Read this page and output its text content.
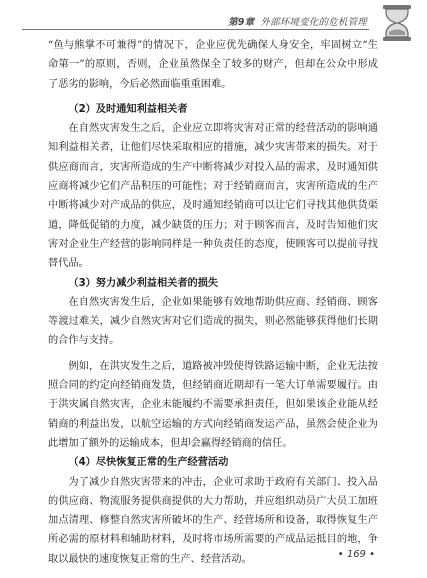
第9章 外部环境变化的危机管理

“鱼与熊掌不可兼得”的情况下，企业应优先确保人身安全，牢固树立“生命第一”的原则，否则，企业虽然保全了较多的财产，但却在公众中形成了恶劣的影响，今后必然面临重重困难。

（2）及时通知利益相关者

在自然灾害发生之后，企业应立即将灾害对正常的经营活动的影响通知利益相关者，让他们尽快采取相应的措施，减少灾害带来的损失。对于供应商而言，灾害所造成的生产中断将减少对投入品的需求，及时通知供应商将减少它们产品积压的可能性；对于经销商而言，灾害所造成的生产中断将减少对产成品的供应，及时通知经销商可以让它们寻找其他供货渠道，降低促销的力度，减少缺货的压力；对于顾客而言，及时告知他们灾害对企业生产经营的影响同样是一种负责任的态度，使顾客可以提前寻找替代品。

（3）努力减少利益相关者的损失

在自然灾害发生后，企业如果能够有效地帮助供应商、经销商、顾客等渡过难关，减少自然灾害对它们造成的损失，则必然能够获得他们长期的合作与支持。

例如，在洪灾发生之后，道路被冲毁使得铁路运输中断，企业无法按照合同的约定向经销商发货，但经销商近期却有一笔大订单需要履行。由于洪灾属自然灾害，企业未能履约不需要承担责任，但如果该企业能从经销商的利益出发，以航空运输的方式向经销商发运产品，虽然会使企业为此增加了额外的运输成本，但却会赢得经销商的信任。

（4）尽快恢复正常的生产经营活动

为了减少自然灾害带来的冲击，企业可求助于政府有关部门、投入品的供应商、物流服务提供商提供的大力帮助，并应组织动员广大员工加班加点清理、修整自然灾害所破坏的生产、经营场所和设备，取得恢复生产所必需的原材料和辅助材料，及时将市场所需要的产成品运抵目的地，争取以最快的速度恢复正常的生产、经营活动。	• 169 •
